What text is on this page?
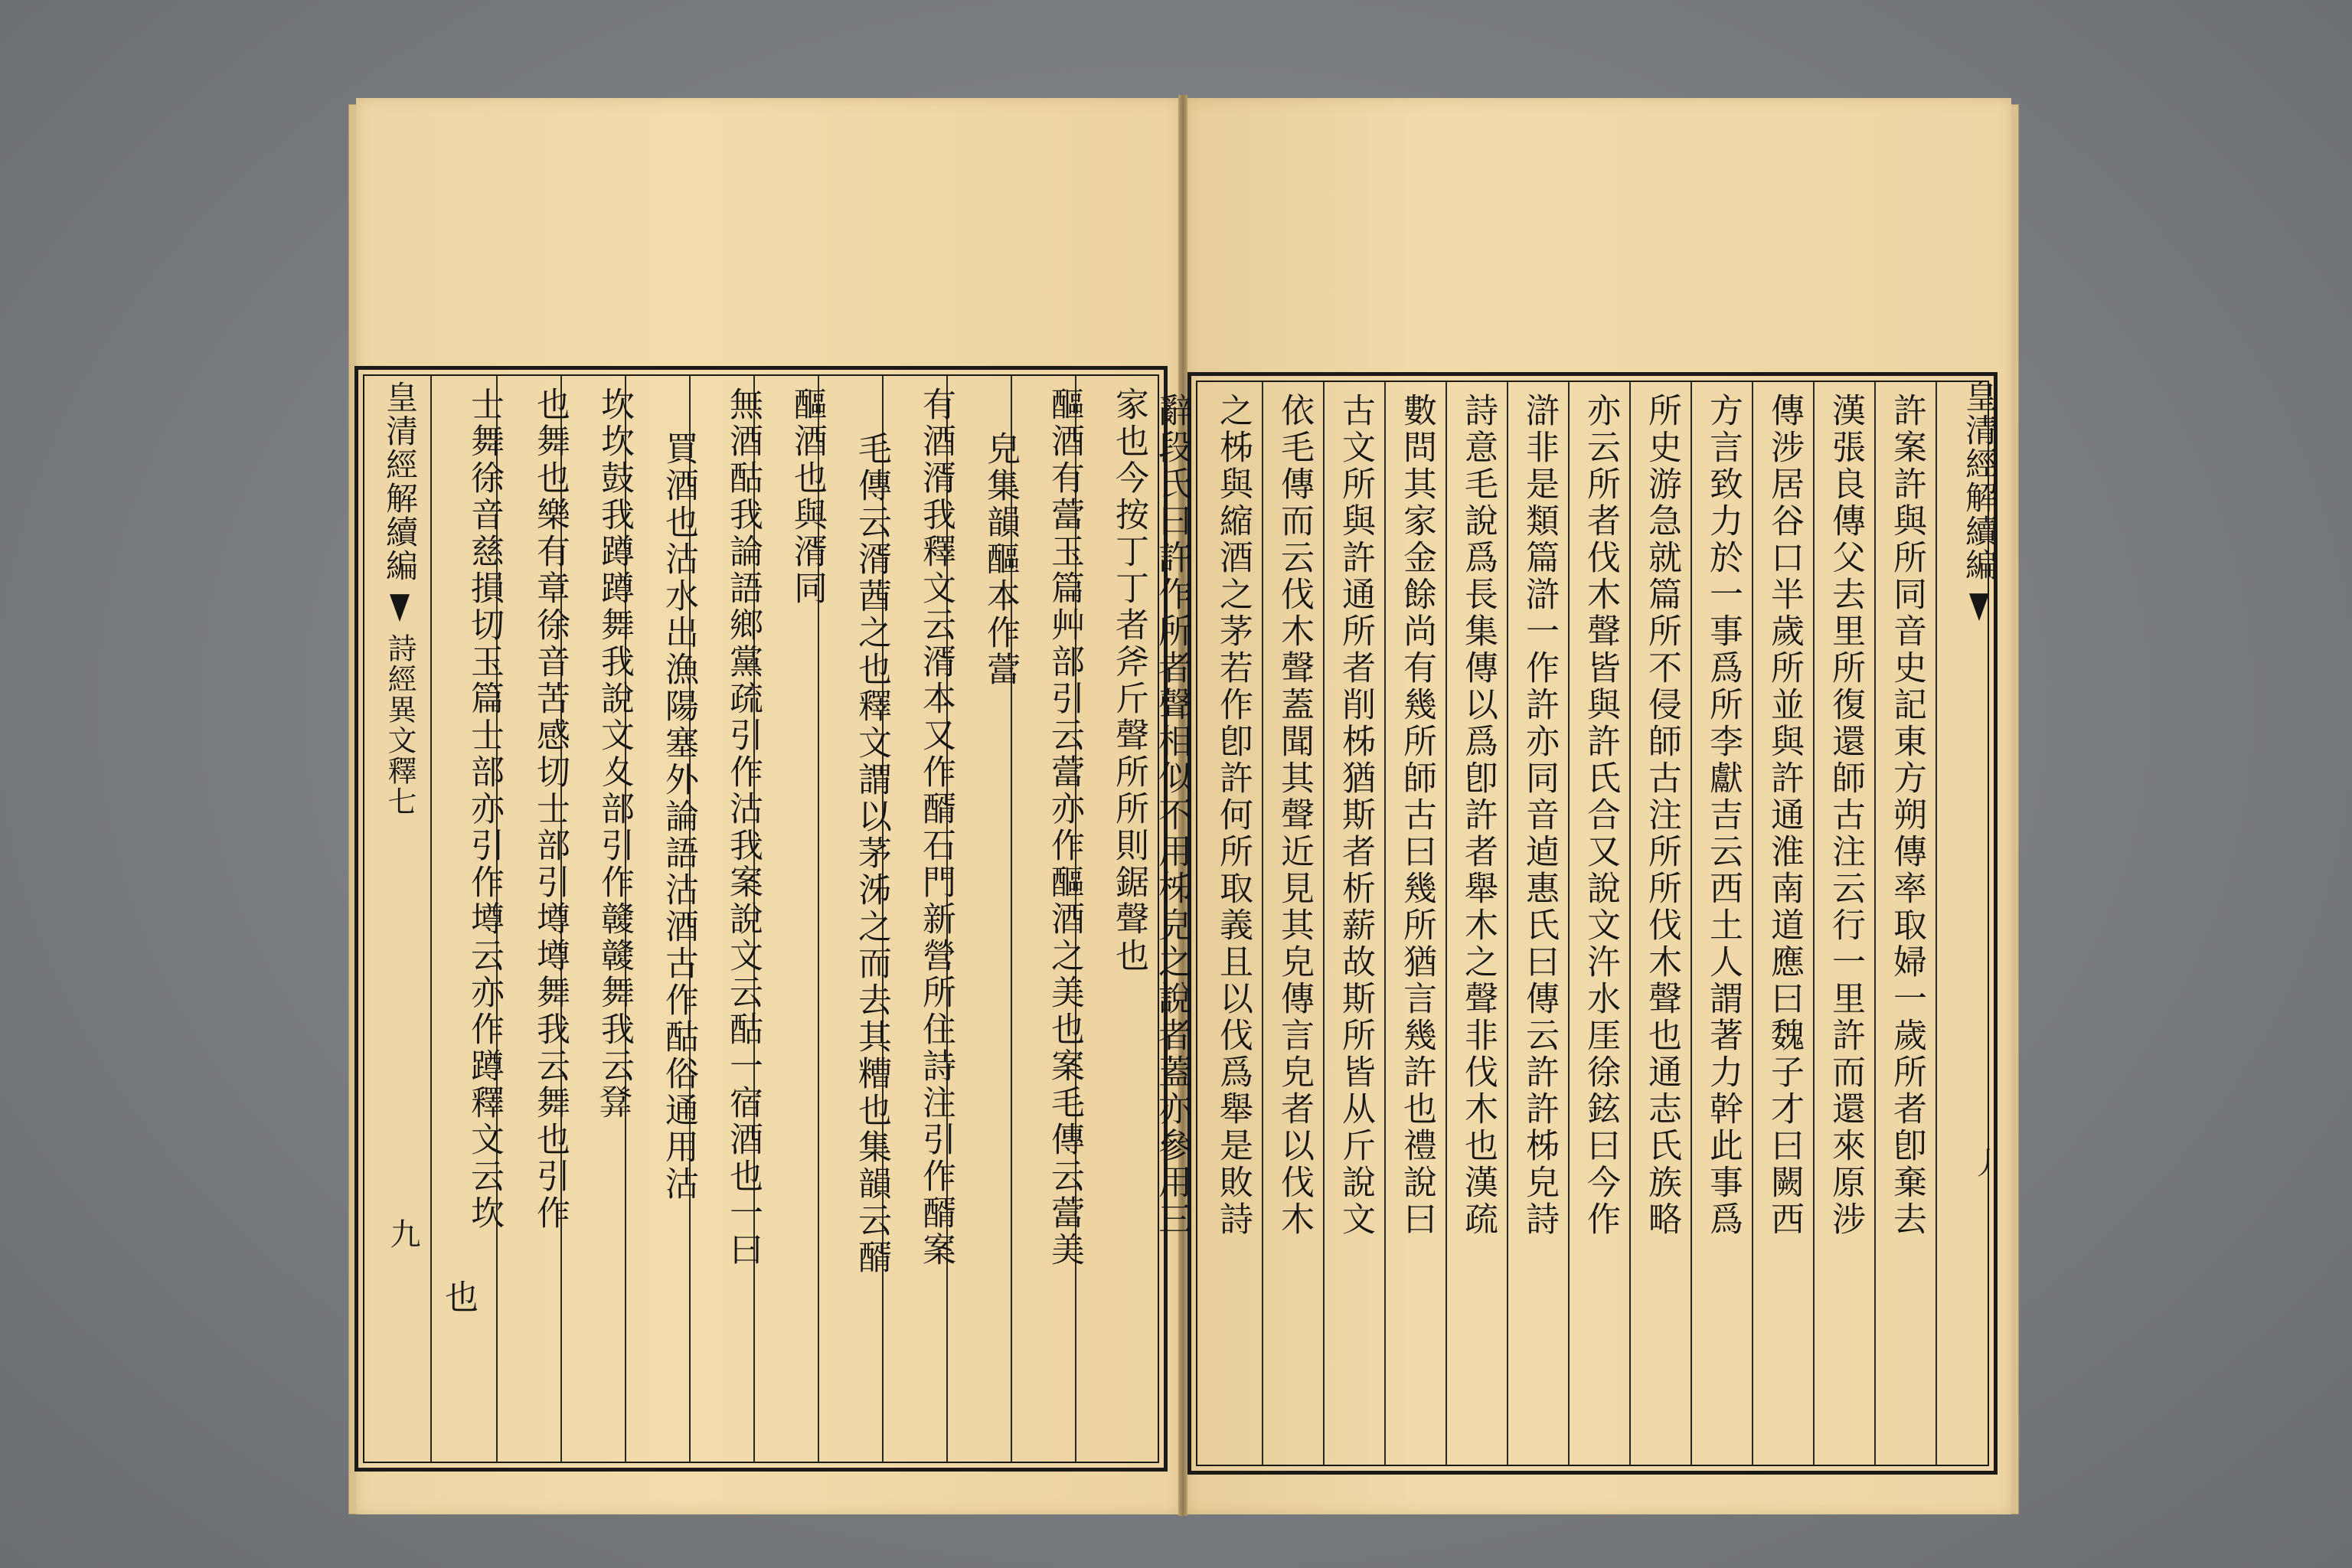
皇清經解續編  詩經異文釋七
九
家也今按丁丁者斧斤聲所所則鋸聲也
醧酒有䔰玉篇艸部引云䔰亦作醧酒之美也案毛傳云䔰美
皃集韻醧本作䔰
有酒湑我釋文云湑本又作醑石門新營所住詩注引作醑案
毛傳云湑莤之也釋文謂以茅泲之而去其糟也集韻云醑
醧酒也與湑同
無酒酤我論語鄉黨疏引作沽我案說文云酤一宿酒也一曰
買酒也沽水出漁陽塞外論語沽酒古作酤俗通用沽
坎坎鼓我蹲蹲舞我說文夊部引作竷竷舞我云𤼷
也舞也樂有章徐音苦感切士部引墫墫舞我云舞也引作
士舞徐音慈損切玉篇士部亦引作墫云亦作蹲釋文云坎
也
許案許與所同音史記東方朔傳率取婦一歲所者卽棄去
漢張良傳父去里所復還師古注云行一里許而還來原涉
傳涉居谷口半歲所並與許通淮南道應曰魏子才曰闕西
方言致力於一事爲所李獻吉云西土人謂著力幹此事爲
所史游急就篇所不侵師古注所所伐木聲也通志氏族略
亦云所者伐木聲皆與許氏合又說文汻水厓徐鉉曰今作
滸非是類篇滸一作許亦同音逌惠氏曰傳云許許柹皃詩
詩意毛說爲長集傳以爲卽許者舉木之聲非伐木也漢疏
數問其家金餘尚有幾所師古曰幾所猶言幾許也禮說曰
古文所與許通所者削柹猶斯者析薪故斯所皆从斤說文
依毛傳而云伐木聲蓋聞其聲近見其皃傳言皃者以伐木
之柹與縮酒之茅若作卽許何所取義且以伐爲舉是敗詩
辭段氏曰許作所者聲相似不用柹皃之說者蓋亦參用三	皇清經解續編
丿
